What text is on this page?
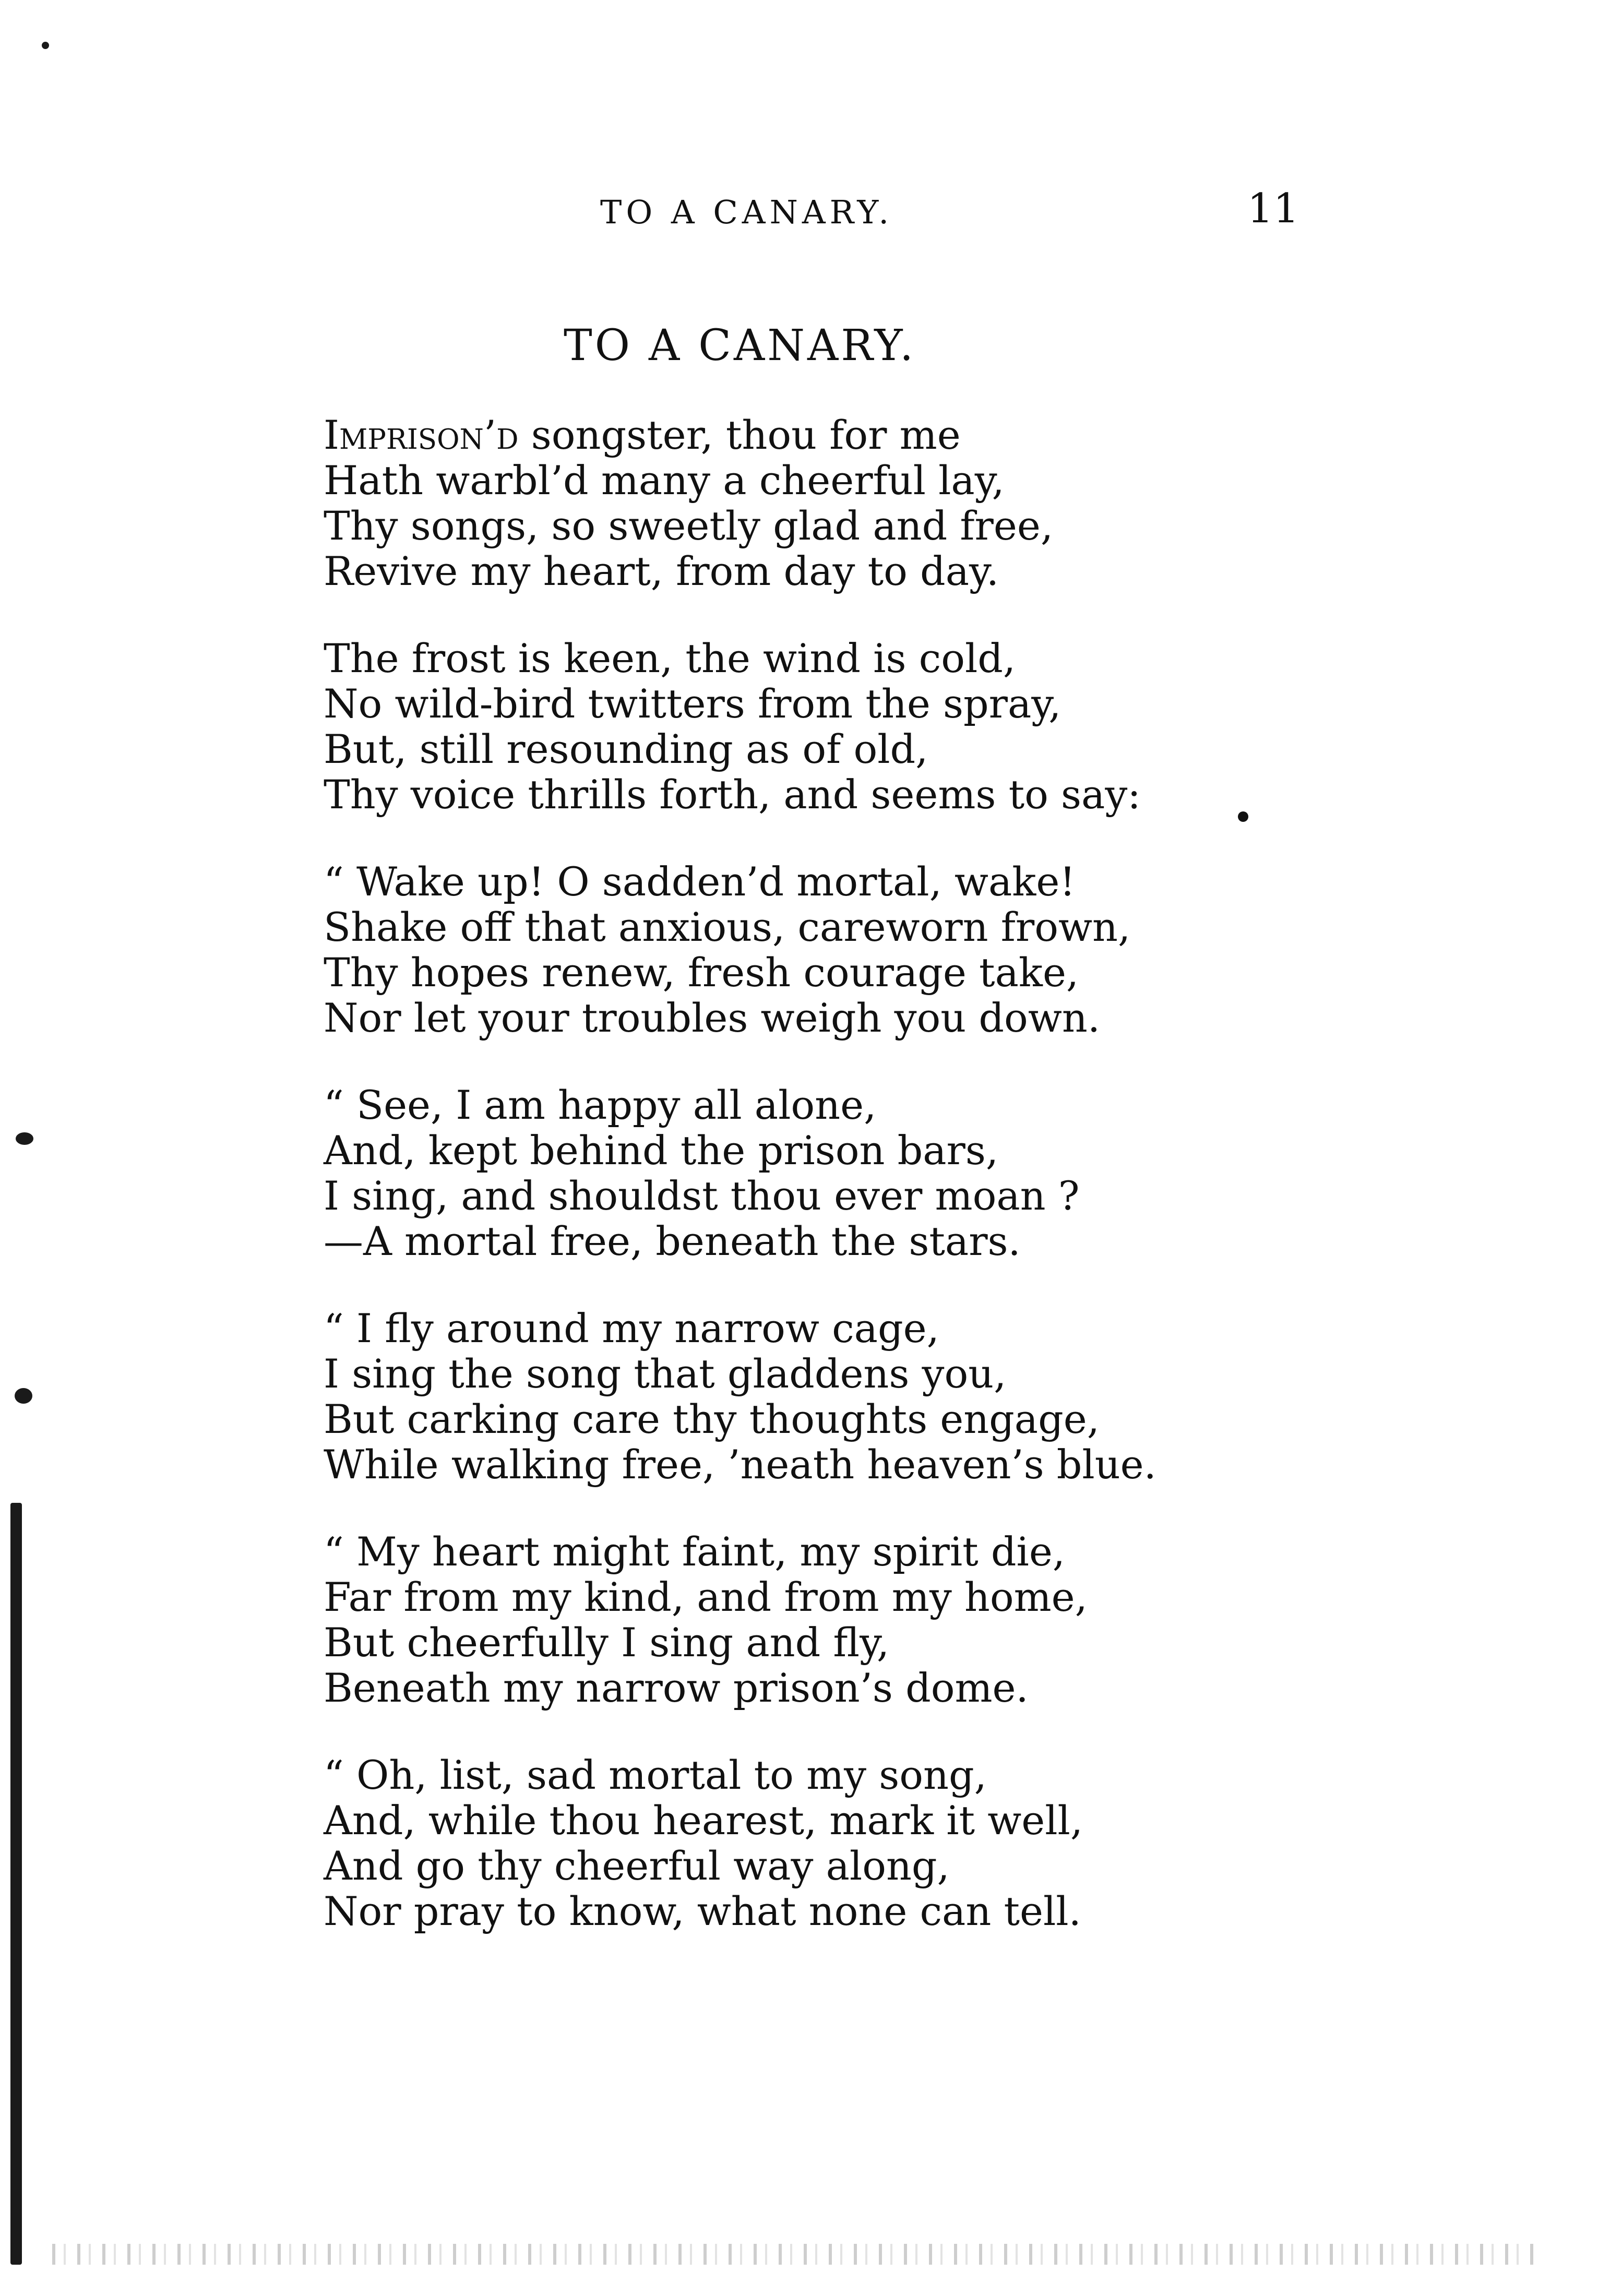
TO A CANARY.	11
TO A CANARY.
Imprison’d songster, thou for me
Hath warbl’d many a cheerful lay,
Thy songs, so sweetly glad and free,
Revive my heart, from day to day.
The frost is keen, the wind is cold,
No wild-bird twitters from the spray,
But, still resounding as of old,
Thy voice thrills forth, and seems to say:
“ Wake up! O sadden’d mortal, wake!
Shake off that anxious, careworn frown,
Thy hopes renew, fresh courage take,
Nor let your troubles weigh you down.
“ See, I am happy all alone,
And, kept behind the prison bars,
I sing, and shouldst thou ever moan ?
—A mortal free, beneath the stars.
“ I fly around my narrow cage,
I sing the song that gladdens you,
But carking care thy thoughts engage,
While walking free, ’neath heaven’s blue.
“ My heart might faint, my spirit die,
Far from my kind, and from my home,
But cheerfully I sing and fly,
Beneath my narrow prison’s dome.
“ Oh, list, sad mortal to my song,
And, while thou hearest, mark it well,
And go thy cheerful way along,
Nor pray to know, what none can tell.
